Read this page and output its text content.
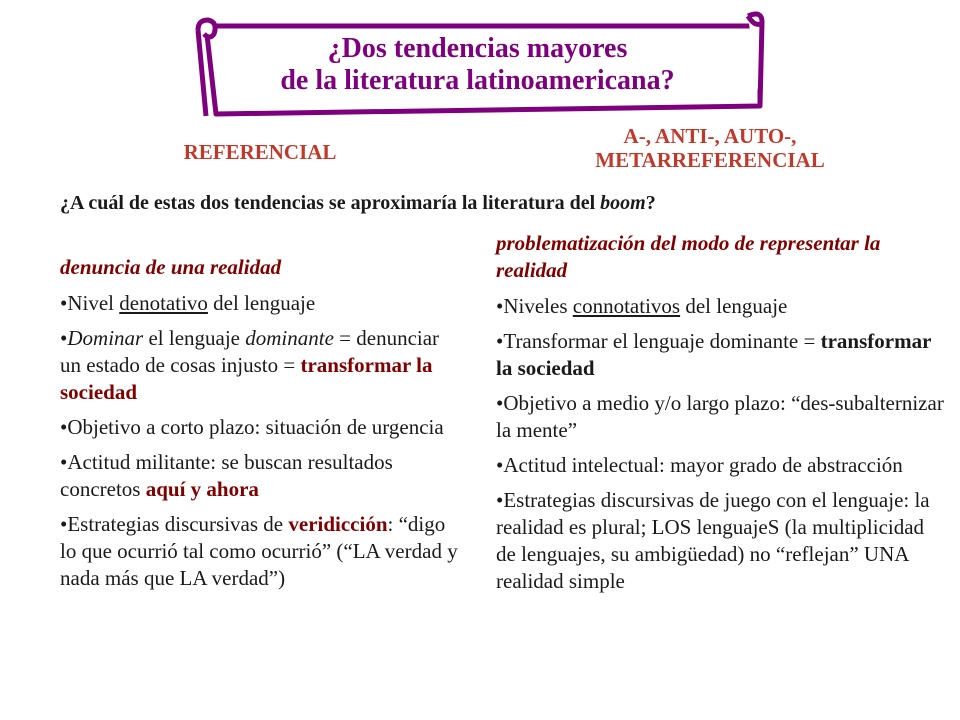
¿Dos tendencias mayores
de la literatura latinoamericana?
REFERENCIAL
A-, ANTI-, AUTO-,
METARREFERENCIAL
¿A cuál de estas dos tendencias se aproximaría la literatura del boom?
denuncia de una realidad
•Nivel denotativo del lenguaje
•Dominar el lenguaje dominante = denunciar un estado de cosas injusto = transformar la sociedad
•Objetivo a corto plazo: situación de urgencia
•Actitud militante: se buscan resultados concretos aquí y ahora
•Estrategias discursivas de veridicción: “digo lo que ocurrió tal como ocurrió” (“LA verdad y nada más que LA verdad”)
problematización del modo de representar la realidad
•Niveles connotativos del lenguaje
•Transformar el lenguaje dominante = transformar la sociedad
•Objetivo a medio y/o largo plazo: “des-subalternizar la mente”
•Actitud intelectual: mayor grado de abstracción
•Estrategias discursivas de juego con el lenguaje: la realidad es plural; LOS lenguajeS (la multiplicidad de lenguajes, su ambigüedad) no “reflejan” UNA realidad simple
